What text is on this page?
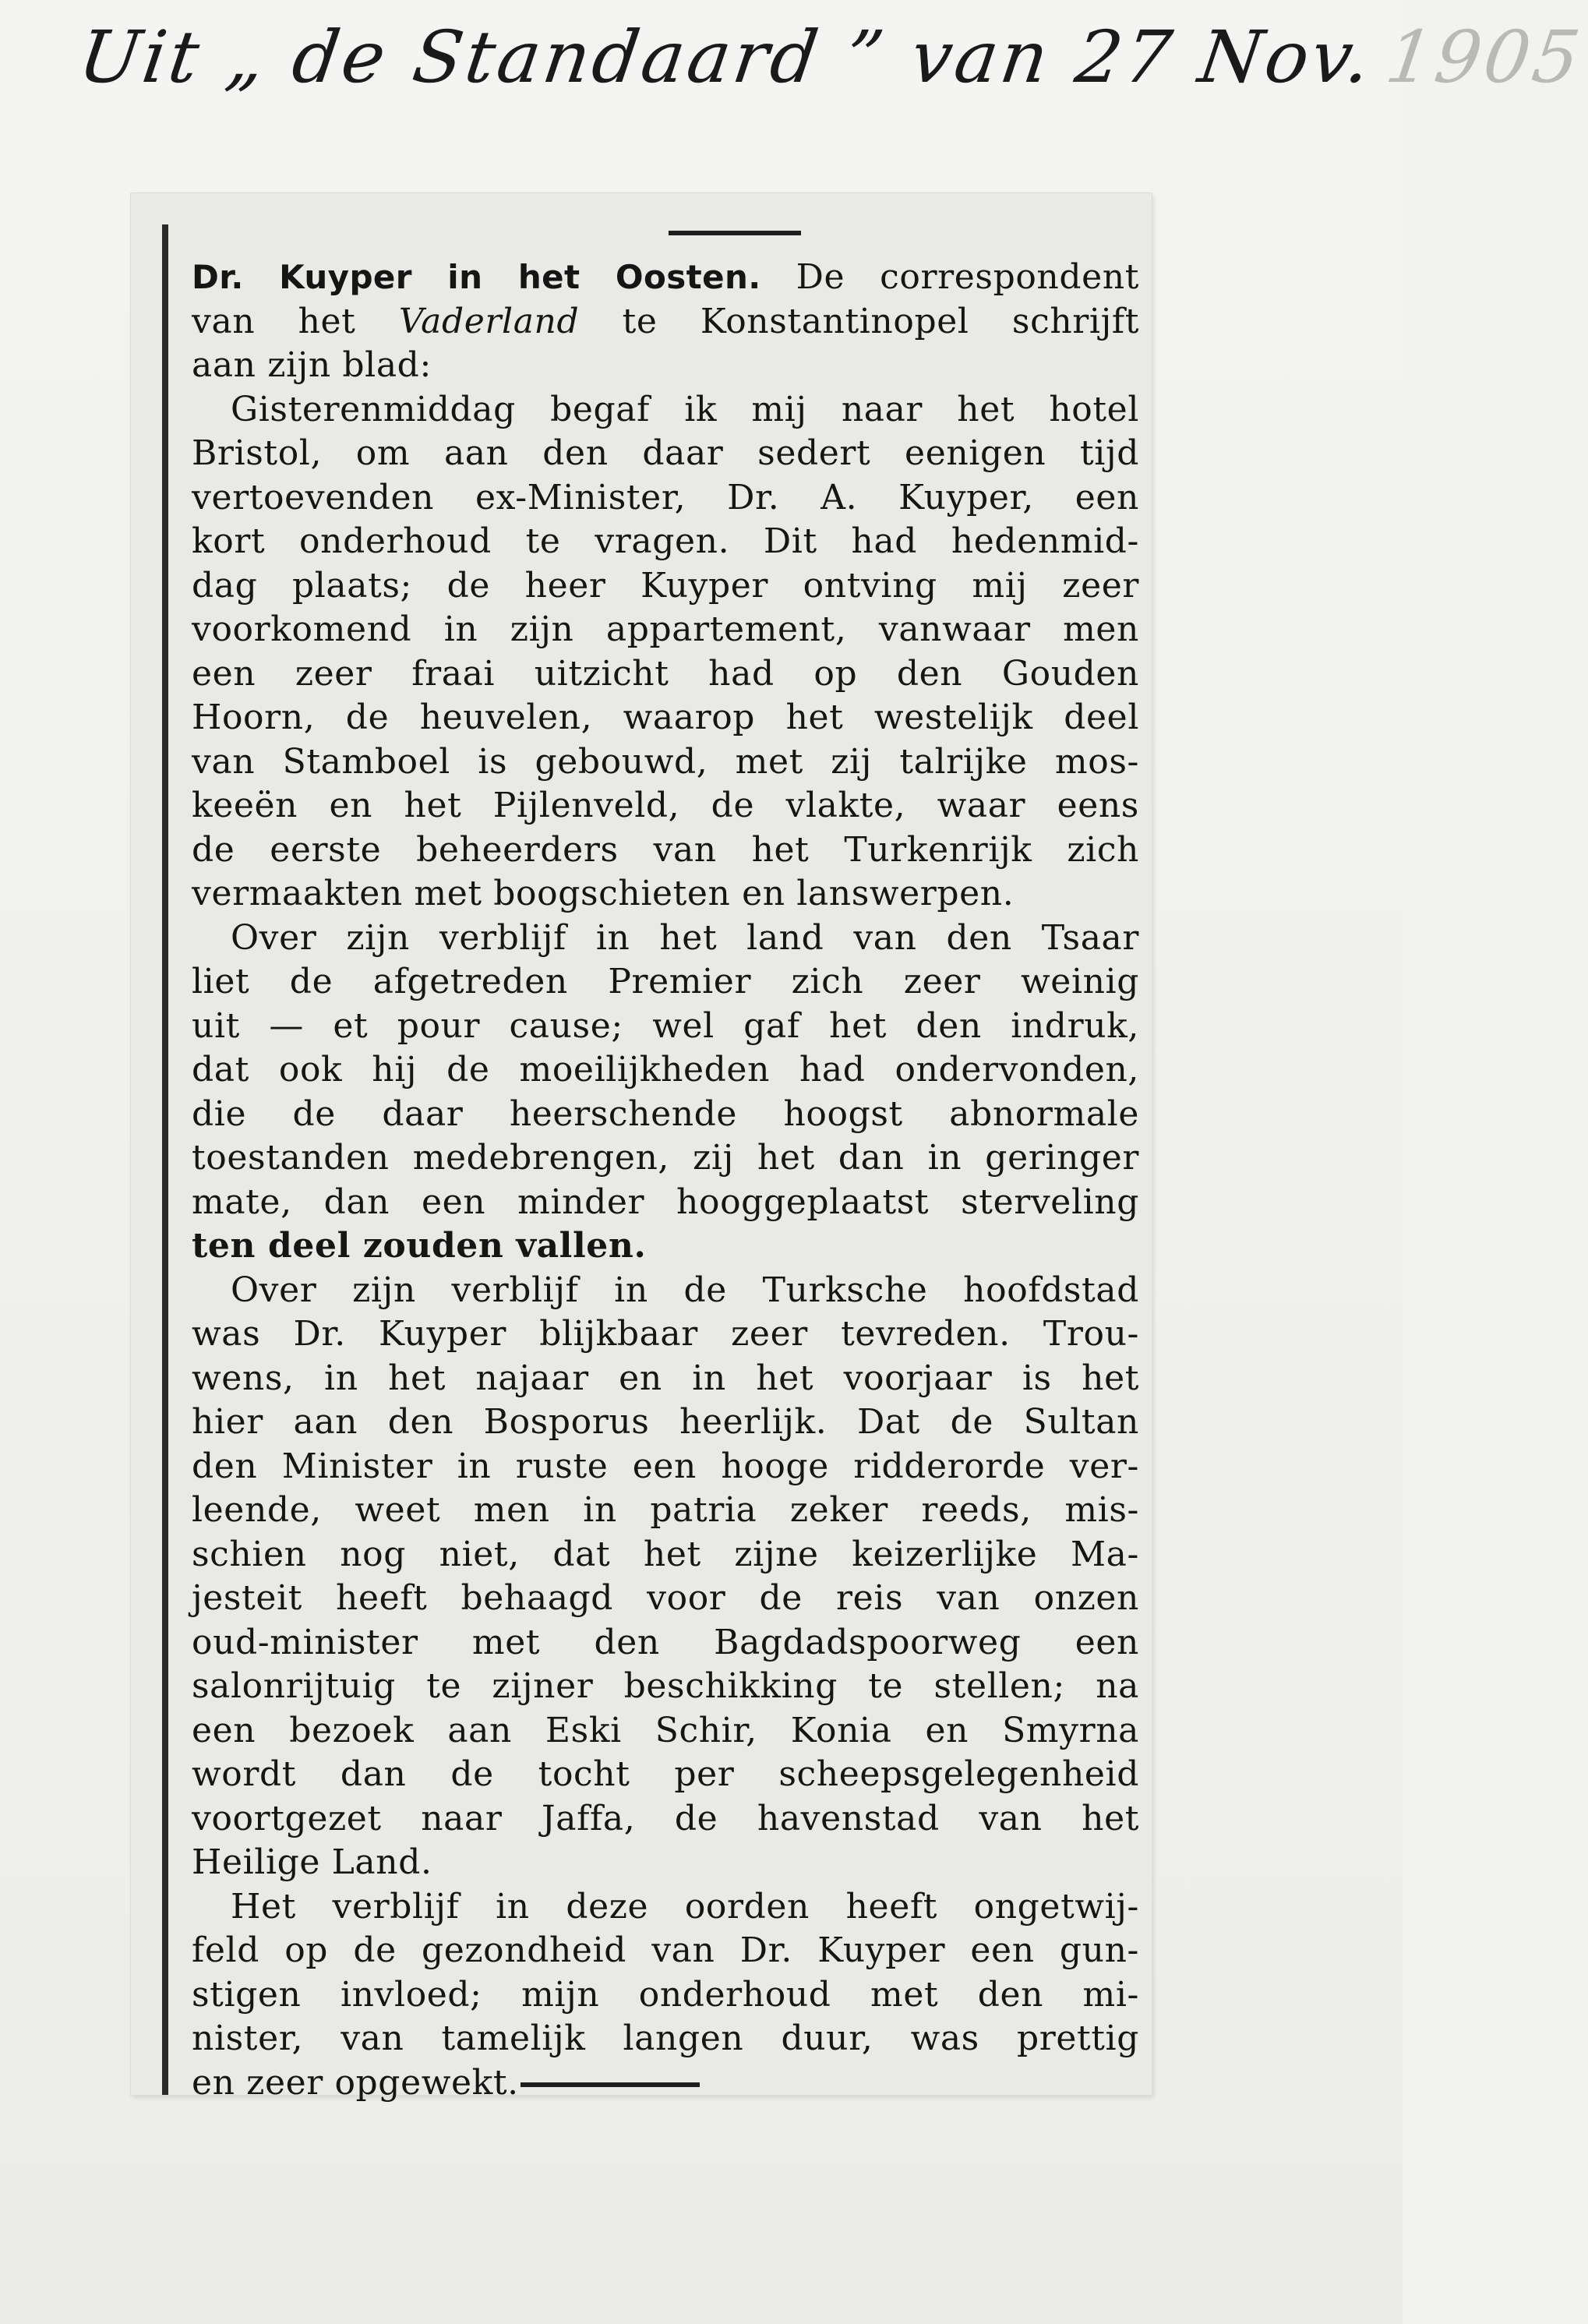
Uit „ de Standaard ” van 27 Nov.1905
Dr. Kuyper in het Oosten. De correspondent
van het Vaderland te Konstantinopel schrijft
aan zijn blad:
Gisterenmiddag begaf ik mij naar het hotel
Bristol, om aan den daar sedert eenigen tijd
vertoevenden ex-Minister, Dr. A. Kuyper, een
kort onderhoud te vragen. Dit had hedenmid-
dag plaats; de heer Kuyper ontving mij zeer
voorkomend in zijn appartement, vanwaar men
een zeer fraai uitzicht had op den Gouden
Hoorn, de heuvelen, waarop het westelijk deel
van Stamboel is gebouwd, met zij talrijke mos-
keeën en het Pijlenveld, de vlakte, waar eens
de eerste beheerders van het Turkenrijk zich
vermaakten met boogschieten en lanswerpen.
Over zijn verblijf in het land van den Tsaar
liet de afgetreden Premier zich zeer weinig
uit — et pour cause; wel gaf het den indruk,
dat ook hij de moeilijkheden had ondervonden,
die de daar heerschende hoogst abnormale
toestanden medebrengen, zij het dan in geringer
mate, dan een minder hooggeplaatst sterveling
ten deel zouden vallen.
Over zijn verblijf in de Turksche hoofdstad
was Dr. Kuyper blijkbaar zeer tevreden. Trou-
wens, in het najaar en in het voorjaar is het
hier aan den Bosporus heerlijk. Dat de Sultan
den Minister in ruste een hooge ridderorde ver-
leende, weet men in patria zeker reeds, mis-
schien nog niet, dat het zijne keizerlijke Ma-
jesteit heeft behaagd voor de reis van onzen
oud-minister met den Bagdadspoorweg een
salonrijtuig te zijner beschikking te stellen; na
een bezoek aan Eski Schir, Konia en Smyrna
wordt dan de tocht per scheepsgelegenheid
voortgezet naar Jaffa, de havenstad van het
Heilige Land.
Het verblijf in deze oorden heeft ongetwij-
feld op de gezondheid van Dr. Kuyper een gun-
stigen invloed; mijn onderhoud met den mi-
nister, van tamelijk langen duur, was prettig
en zeer opgewekt.
